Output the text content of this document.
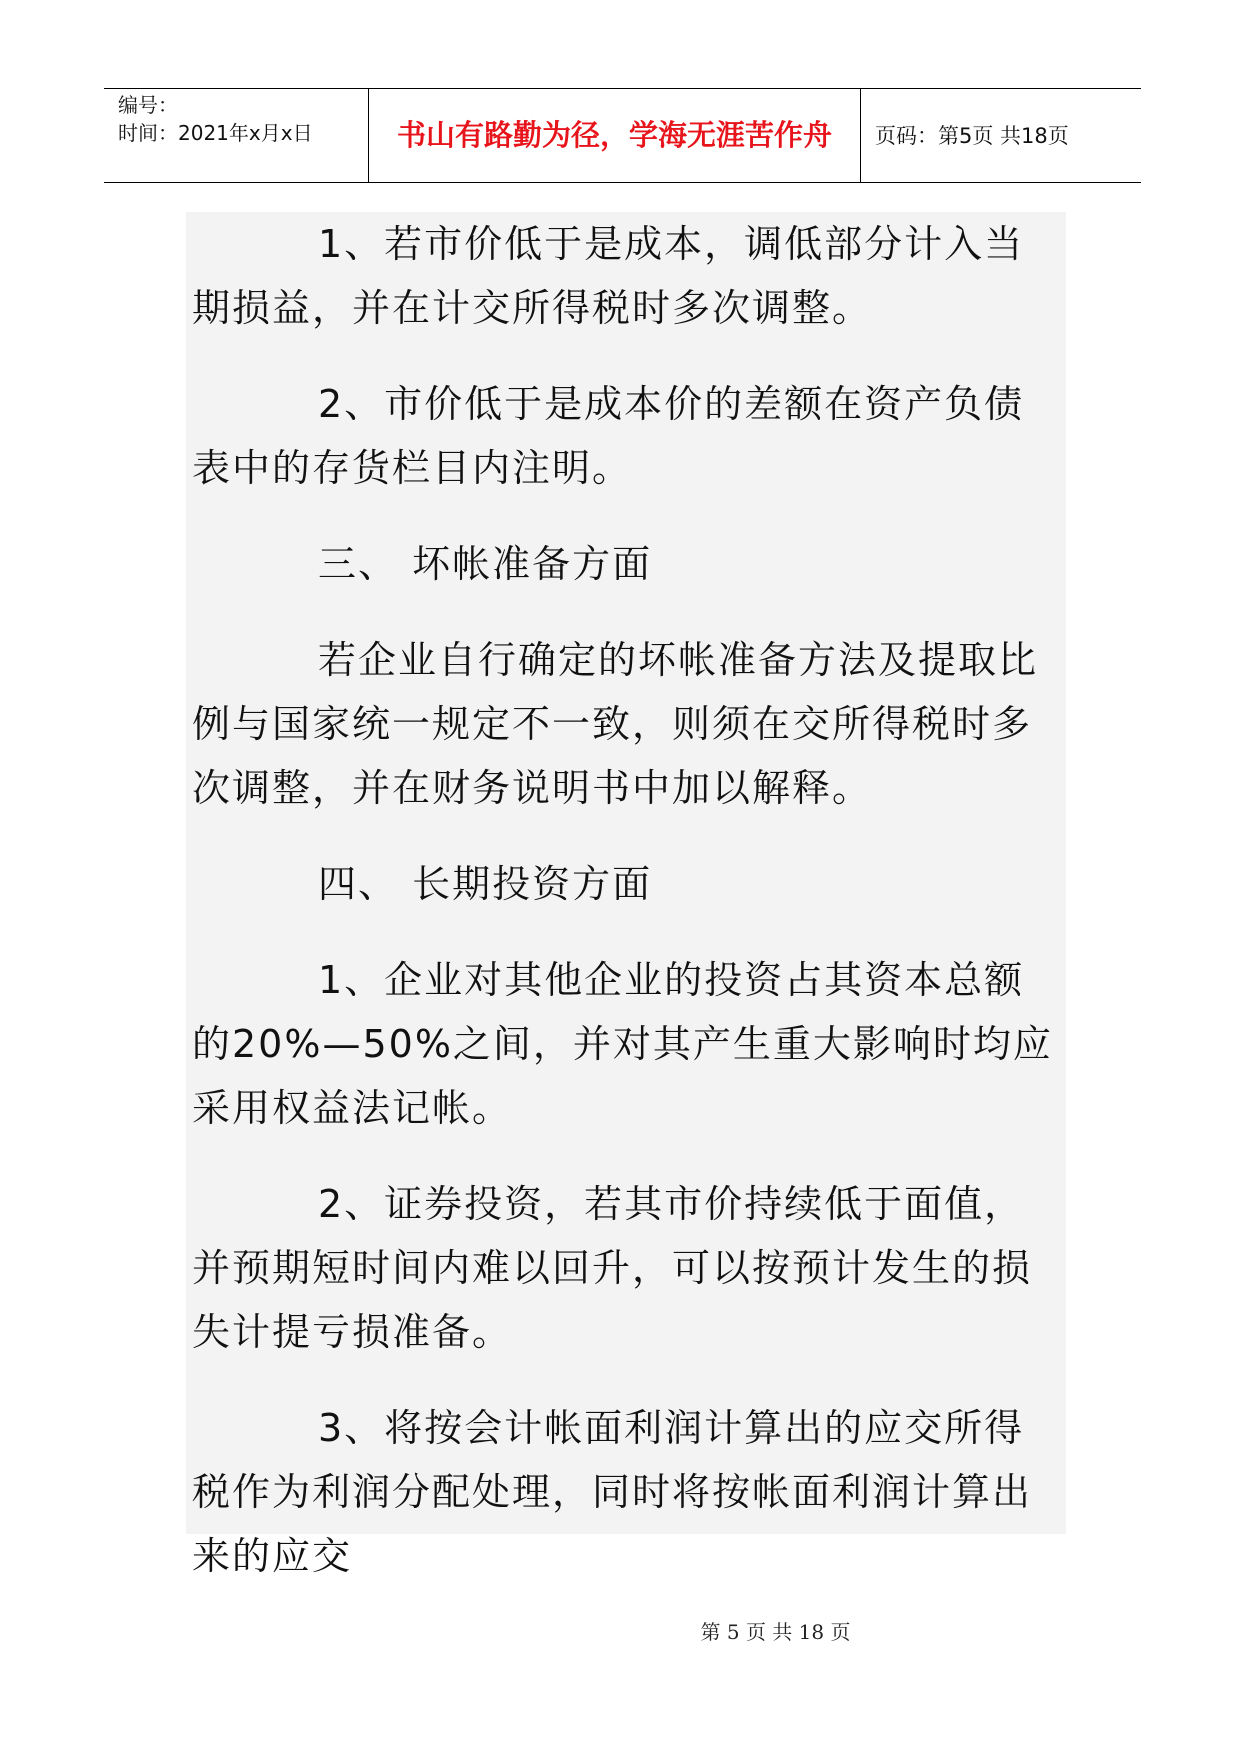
编号：
时间：2021年x月x日	书山有路勤为径，学海无涯苦作舟	页码：第5页 共18页

1、若市价低于是成本，调低部分计入当期损益，并在计交所得税时多次调整。

2、市价低于是成本价的差额在资产负债表中的存货栏目内注明。

三、 坏帐准备方面

若企业自行确定的坏帐准备方法及提取比例与国家统一规定不一致，则须在交所得税时多次调整，并在财务说明书中加以解释。

四、 长期投资方面

1、企业对其他企业的投资占其资本总额的20%—50%之间，并对其产生重大影响时均应采用权益法记帐。

2、证券投资，若其市价持续低于面值，并预期短时间内难以回升，可以按预计发生的损失计提亏损准备。

3、将按会计帐面利润计算出的应交所得税作为利润分配处理，同时将按帐面利润计算出来的应交

第 5 页 共 18 页
